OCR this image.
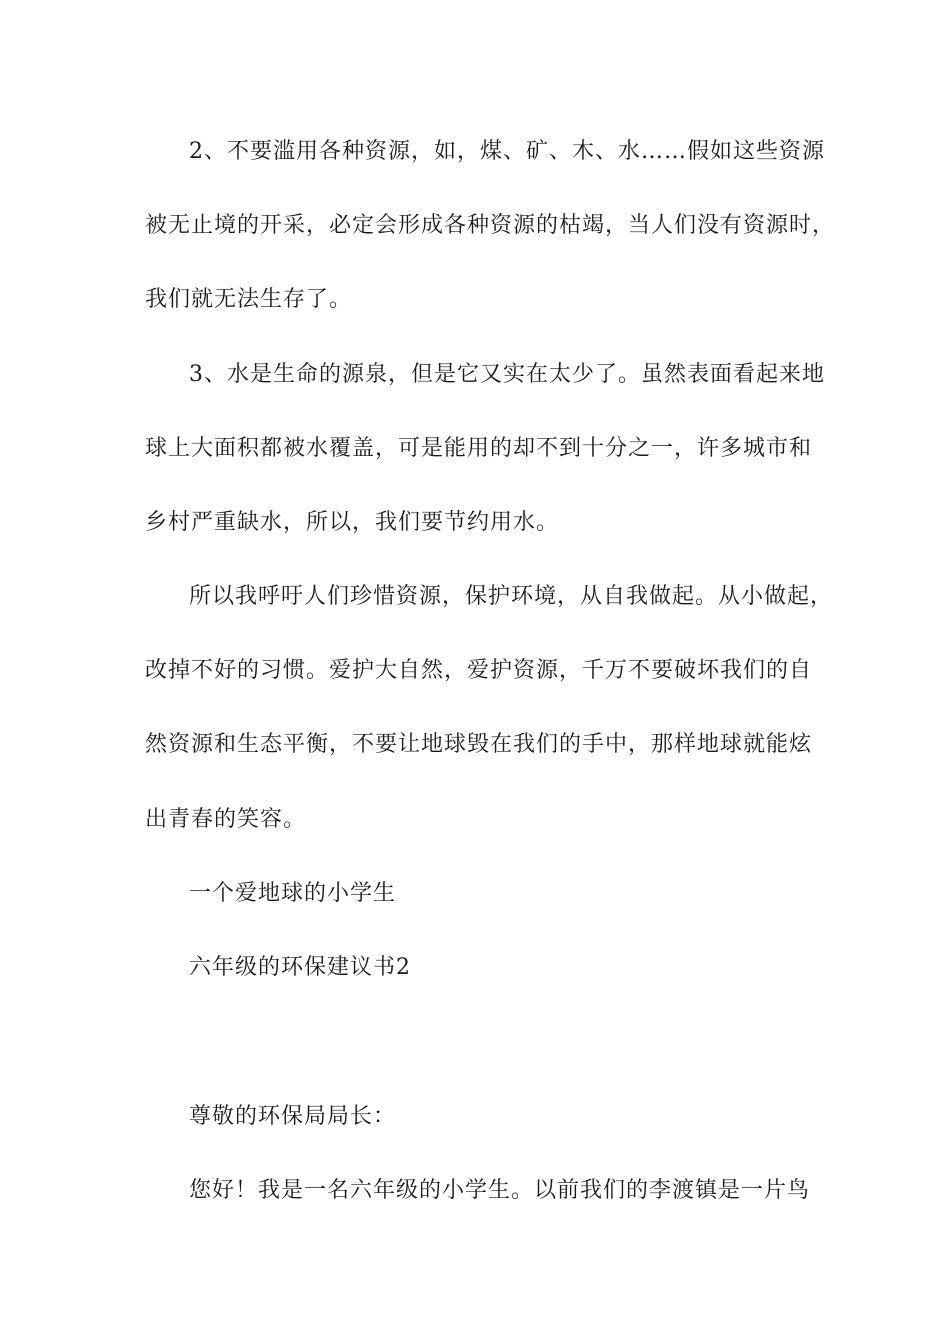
2、不要滥用各种资源，如，煤、矿、木、水……假如这些资源
被无止境的开采，必定会形成各种资源的枯竭，当人们没有资源时，
我们就无法生存了。
3、水是生命的源泉，但是它又实在太少了。虽然表面看起来地
球上大面积都被水覆盖，可是能用的却不到十分之一，许多城市和
乡村严重缺水，所以，我们要节约用水。
所以我呼吁人们珍惜资源，保护环境，从自我做起。从小做起，
改掉不好的习惯。爱护大自然，爱护资源，千万不要破坏我们的自
然资源和生态平衡，不要让地球毁在我们的手中，那样地球就能炫
出青春的笑容。
一个爱地球的小学生
六年级的环保建议书2
尊敬的环保局局长：
您好！我是一名六年级的小学生。以前我们的李渡镇是一片鸟
